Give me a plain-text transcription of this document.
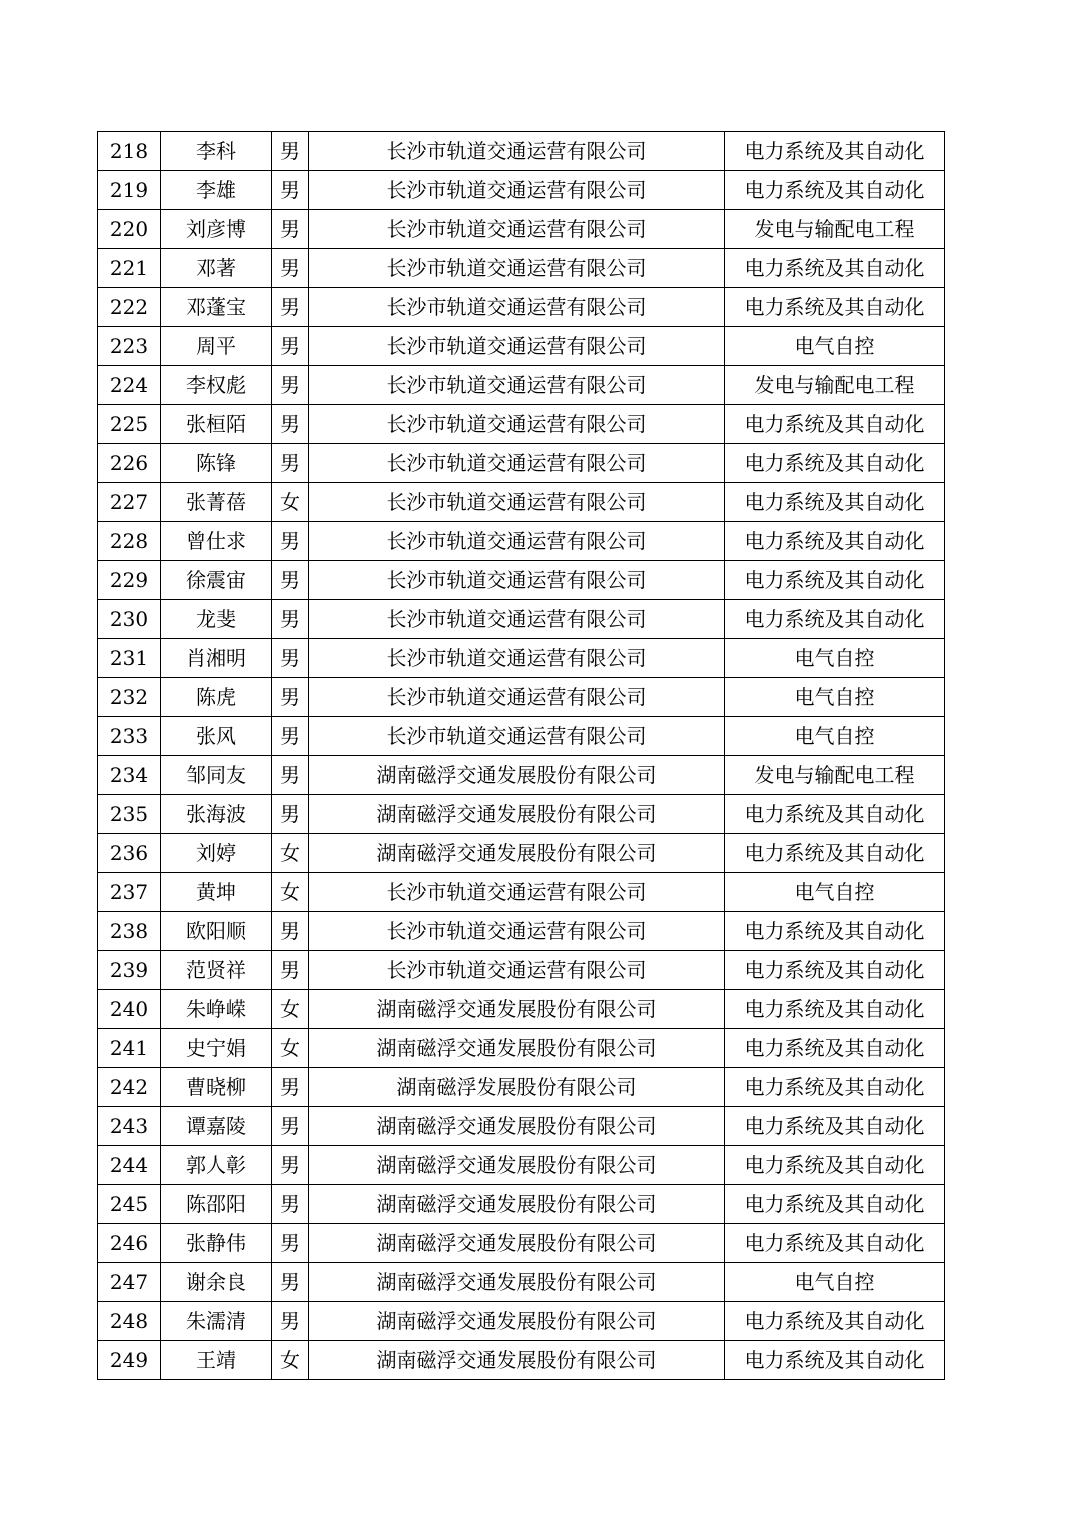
218	李科	男	长沙市轨道交通运营有限公司	电力系统及其自动化
219	李雄	男	长沙市轨道交通运营有限公司	电力系统及其自动化
220	刘彦博	男	长沙市轨道交通运营有限公司	发电与输配电工程
221	邓著	男	长沙市轨道交通运营有限公司	电力系统及其自动化
222	邓蓬宝	男	长沙市轨道交通运营有限公司	电力系统及其自动化
223	周平	男	长沙市轨道交通运营有限公司	电气自控
224	李权彪	男	长沙市轨道交通运营有限公司	发电与输配电工程
225	张桓陌	男	长沙市轨道交通运营有限公司	电力系统及其自动化
226	陈锋	男	长沙市轨道交通运营有限公司	电力系统及其自动化
227	张菁蓓	女	长沙市轨道交通运营有限公司	电力系统及其自动化
228	曾仕求	男	长沙市轨道交通运营有限公司	电力系统及其自动化
229	徐震宙	男	长沙市轨道交通运营有限公司	电力系统及其自动化
230	龙斐	男	长沙市轨道交通运营有限公司	电力系统及其自动化
231	肖湘明	男	长沙市轨道交通运营有限公司	电气自控
232	陈虎	男	长沙市轨道交通运营有限公司	电气自控
233	张风	男	长沙市轨道交通运营有限公司	电气自控
234	邹同友	男	湖南磁浮交通发展股份有限公司	发电与输配电工程
235	张海波	男	湖南磁浮交通发展股份有限公司	电力系统及其自动化
236	刘婷	女	湖南磁浮交通发展股份有限公司	电力系统及其自动化
237	黄坤	女	长沙市轨道交通运营有限公司	电气自控
238	欧阳顺	男	长沙市轨道交通运营有限公司	电力系统及其自动化
239	范贤祥	男	长沙市轨道交通运营有限公司	电力系统及其自动化
240	朱峥嵘	女	湖南磁浮交通发展股份有限公司	电力系统及其自动化
241	史宁娟	女	湖南磁浮交通发展股份有限公司	电力系统及其自动化
242	曹晓柳	男	湖南磁浮发展股份有限公司	电力系统及其自动化
243	谭嘉陵	男	湖南磁浮交通发展股份有限公司	电力系统及其自动化
244	郭人彰	男	湖南磁浮交通发展股份有限公司	电力系统及其自动化
245	陈邵阳	男	湖南磁浮交通发展股份有限公司	电力系统及其自动化
246	张静伟	男	湖南磁浮交通发展股份有限公司	电力系统及其自动化
247	谢余良	男	湖南磁浮交通发展股份有限公司	电气自控
248	朱濡清	男	湖南磁浮交通发展股份有限公司	电力系统及其自动化
249	王靖	女	湖南磁浮交通发展股份有限公司	电力系统及其自动化
